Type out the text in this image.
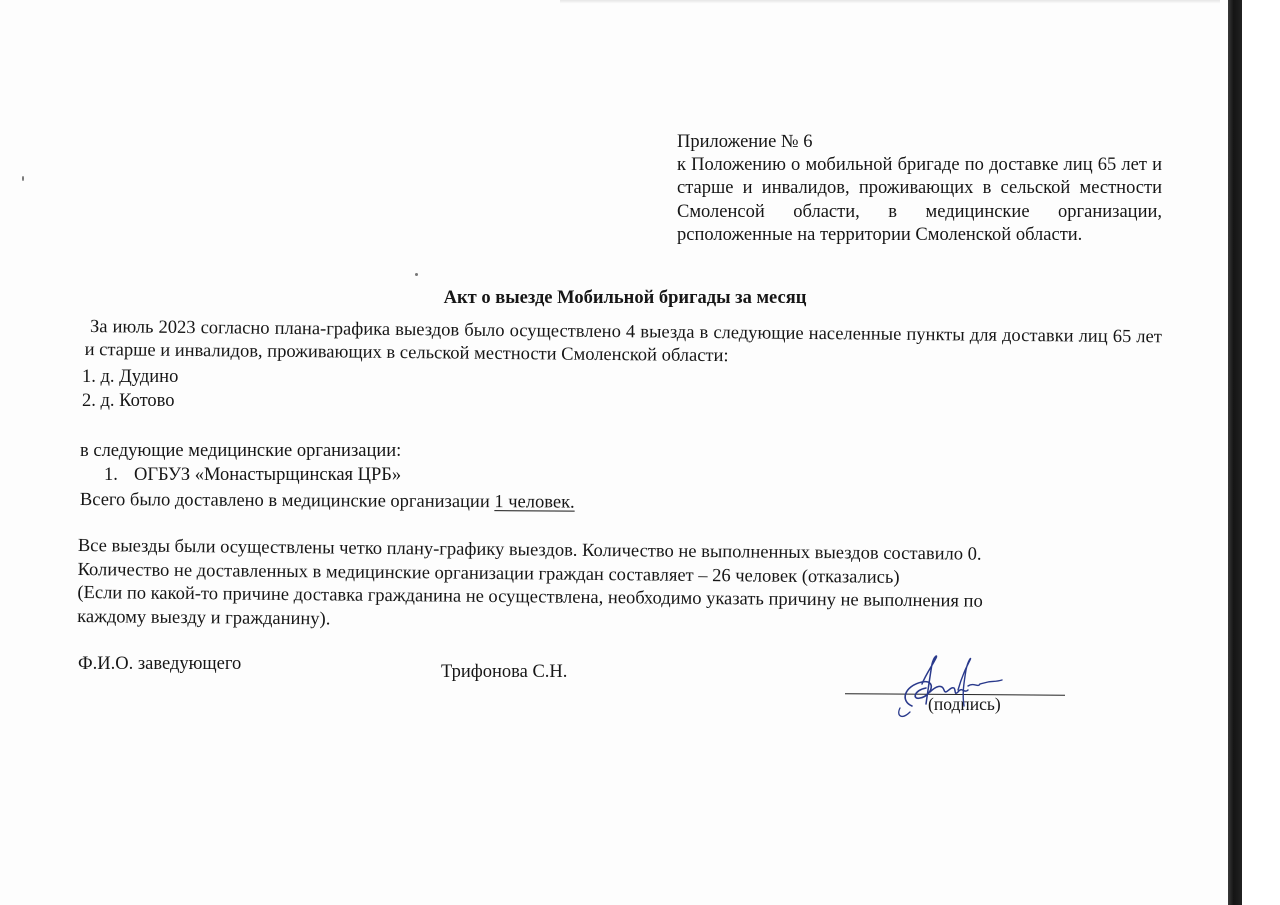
Приложение № 6
к Положению о мобильной бригаде по доставке лиц 65 лет и старше и инвалидов, проживающих в сельской местности Смоленсой области, в медицинские организации, рсположенные на территории Смоленской области.
Акт о выезде Мобильной бригады за месяц
За июль 2023 согласно плана-графика выездов было осуществлено 4 выезда в следующие населенные пункты для доставки лиц 65 лет и старше и инвалидов, проживающих в сельской местности Смоленской области:
1. д. Дудино
2. д. Котово
в следующие медицинские организации:
1. ОГБУЗ «Монастырщинская ЦРБ»
Всего было доставлено в медицинские организации 1 человек.
Все выезды были осуществлены четко плану-графику выездов. Количество не выполненных выездов составило 0.
Количество не доставленных в медицинские организации граждан составляет – 26 человек (отказались)
(Если по какой-то причине доставка гражданина не осуществлена, необходимо указать причину не выполнения по
каждому выезду и гражданину).
Ф.И.О. заведующего	Трифонова С.Н.
(подпись)
